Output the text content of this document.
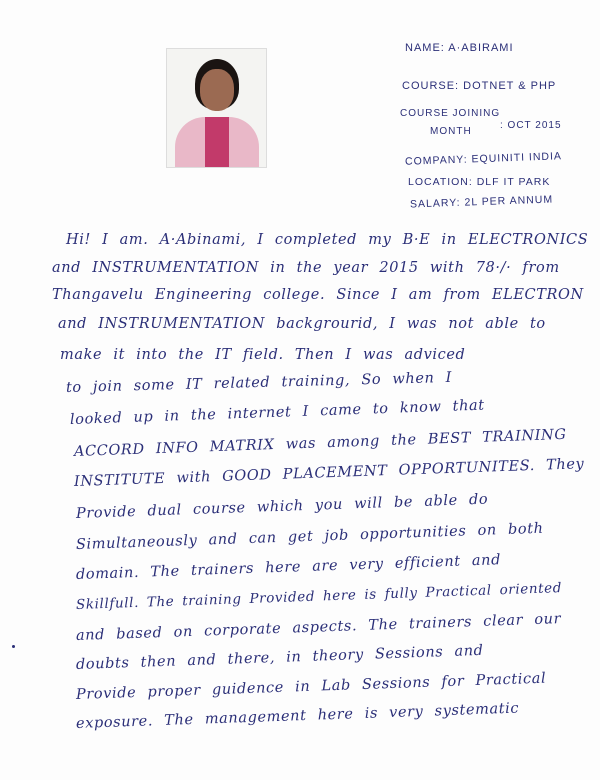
NAME: A·ABIRAMI
COURSE: DOTNET & PHP
COURSE JOINING
MONTH
: OCT 2015
COMPANY: EQUINITI INDIA
LOCATION: DLF IT PARK
SALARY: 2L PER ANNUM
Hi! I am. A·Abinami, I completed my B·E in ELECTRONICS
and INSTRUMENTATION in the year 2015 with 78·/· from
Thangavelu Engineering college. Since I am from ELECTRON
and INSTRUMENTATION backgrourid, I was not able to
make it into the IT field. Then I was adviced
to join some IT related training, So when I
looked up in the internet I came to know that
ACCORD INFO MATRIX was among the BEST TRAINING
INSTITUTE with GOOD PLACEMENT OPPORTUNITES. They
Provide dual course which you will be able do
Simultaneously and can get job opportunities on both
domain. The trainers here are very efficient and
Skillfull. The training Provided here is fully Practical oriented
and based on corporate aspects. The trainers clear our
doubts then and there, in theory Sessions and
Provide proper guidence in Lab Sessions for Practical
exposure. The management here is very systematic
